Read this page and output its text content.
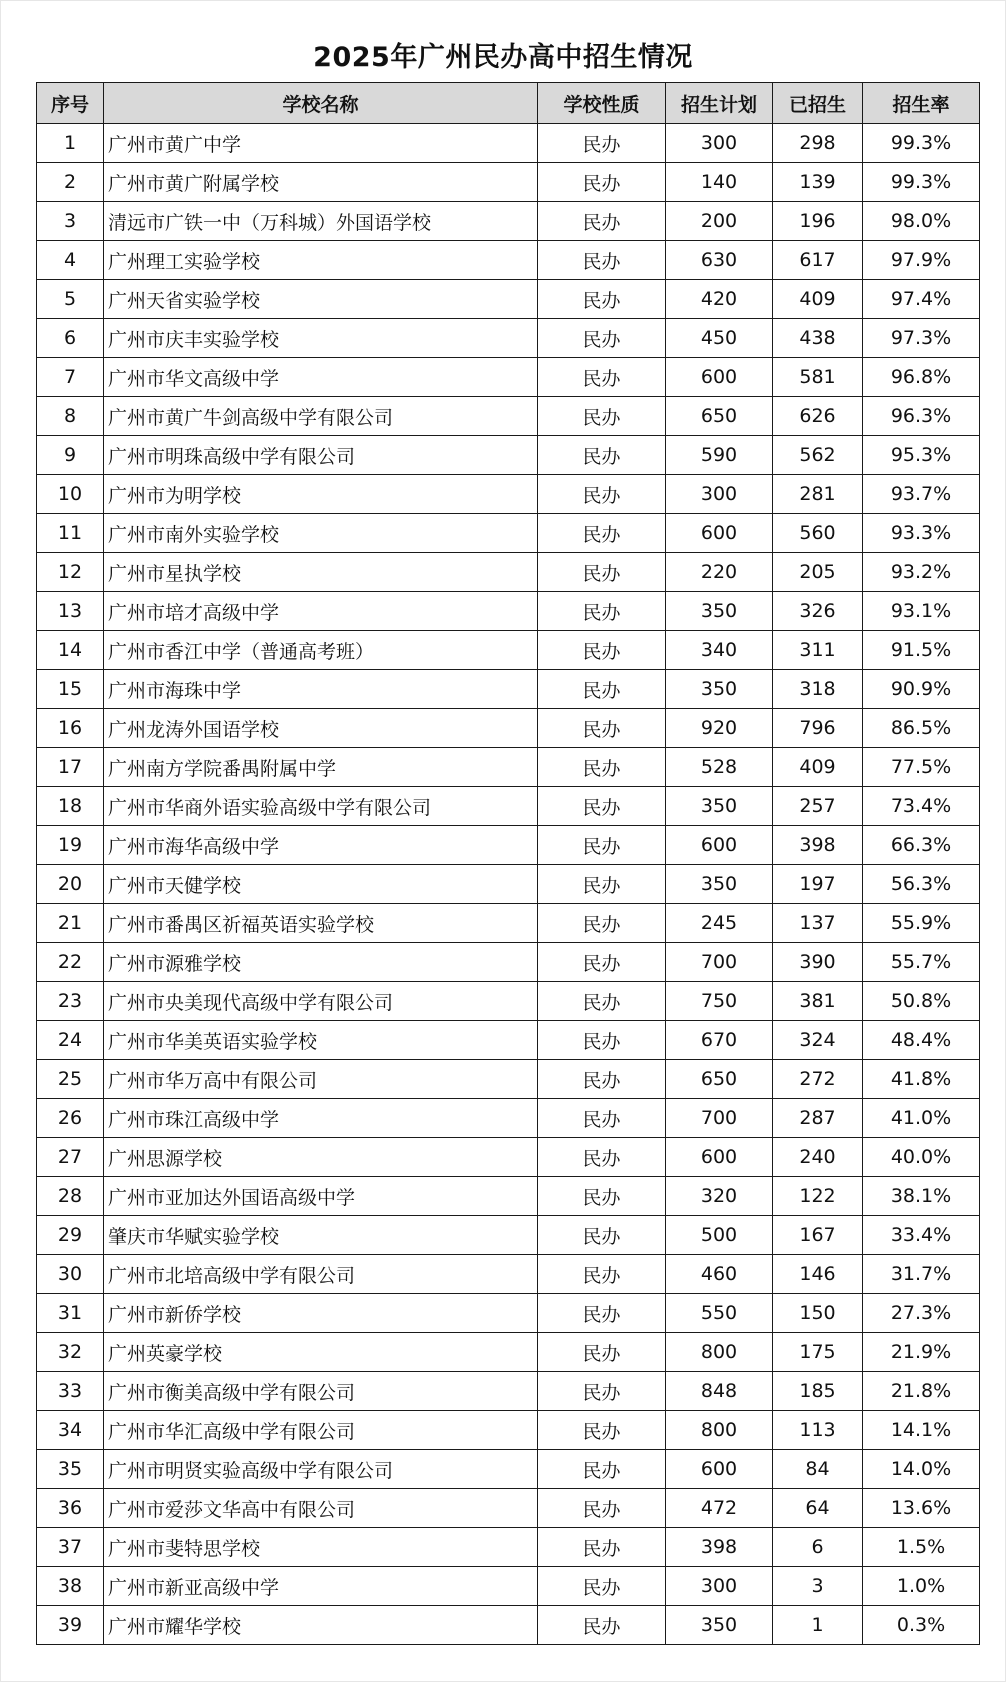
2025年广州民办高中招生情况
序号	学校名称	学校性质	招生计划	已招生	招生率
1	广州市黄广中学	民办	300	298	99.3%
2	广州市黄广附属学校	民办	140	139	99.3%
3	清远市广铁一中（万科城）外国语学校	民办	200	196	98.0%
4	广州理工实验学校	民办	630	617	97.9%
5	广州天省实验学校	民办	420	409	97.4%
6	广州市庆丰实验学校	民办	450	438	97.3%
7	广州市华文高级中学	民办	600	581	96.8%
8	广州市黄广牛剑高级中学有限公司	民办	650	626	96.3%
9	广州市明珠高级中学有限公司	民办	590	562	95.3%
10	广州市为明学校	民办	300	281	93.7%
11	广州市南外实验学校	民办	600	560	93.3%
12	广州市星执学校	民办	220	205	93.2%
13	广州市培才高级中学	民办	350	326	93.1%
14	广州市香江中学（普通高考班）	民办	340	311	91.5%
15	广州市海珠中学	民办	350	318	90.9%
16	广州龙涛外国语学校	民办	920	796	86.5%
17	广州南方学院番禺附属中学	民办	528	409	77.5%
18	广州市华商外语实验高级中学有限公司	民办	350	257	73.4%
19	广州市海华高级中学	民办	600	398	66.3%
20	广州市天健学校	民办	350	197	56.3%
21	广州市番禺区祈福英语实验学校	民办	245	137	55.9%
22	广州市源雅学校	民办	700	390	55.7%
23	广州市央美现代高级中学有限公司	民办	750	381	50.8%
24	广州市华美英语实验学校	民办	670	324	48.4%
25	广州市华万高中有限公司	民办	650	272	41.8%
26	广州市珠江高级中学	民办	700	287	41.0%
27	广州思源学校	民办	600	240	40.0%
28	广州市亚加达外国语高级中学	民办	320	122	38.1%
29	肇庆市华赋实验学校	民办	500	167	33.4%
30	广州市北培高级中学有限公司	民办	460	146	31.7%
31	广州市新侨学校	民办	550	150	27.3%
32	广州英豪学校	民办	800	175	21.9%
33	广州市衡美高级中学有限公司	民办	848	185	21.8%
34	广州市华汇高级中学有限公司	民办	800	113	14.1%
35	广州市明贤实验高级中学有限公司	民办	600	84	14.0%
36	广州市爱莎文华高中有限公司	民办	472	64	13.6%
37	广州市斐特思学校	民办	398	6	1.5%
38	广州市新亚高级中学	民办	300	3	1.0%
39	广州市耀华学校	民办	350	1	0.3%
